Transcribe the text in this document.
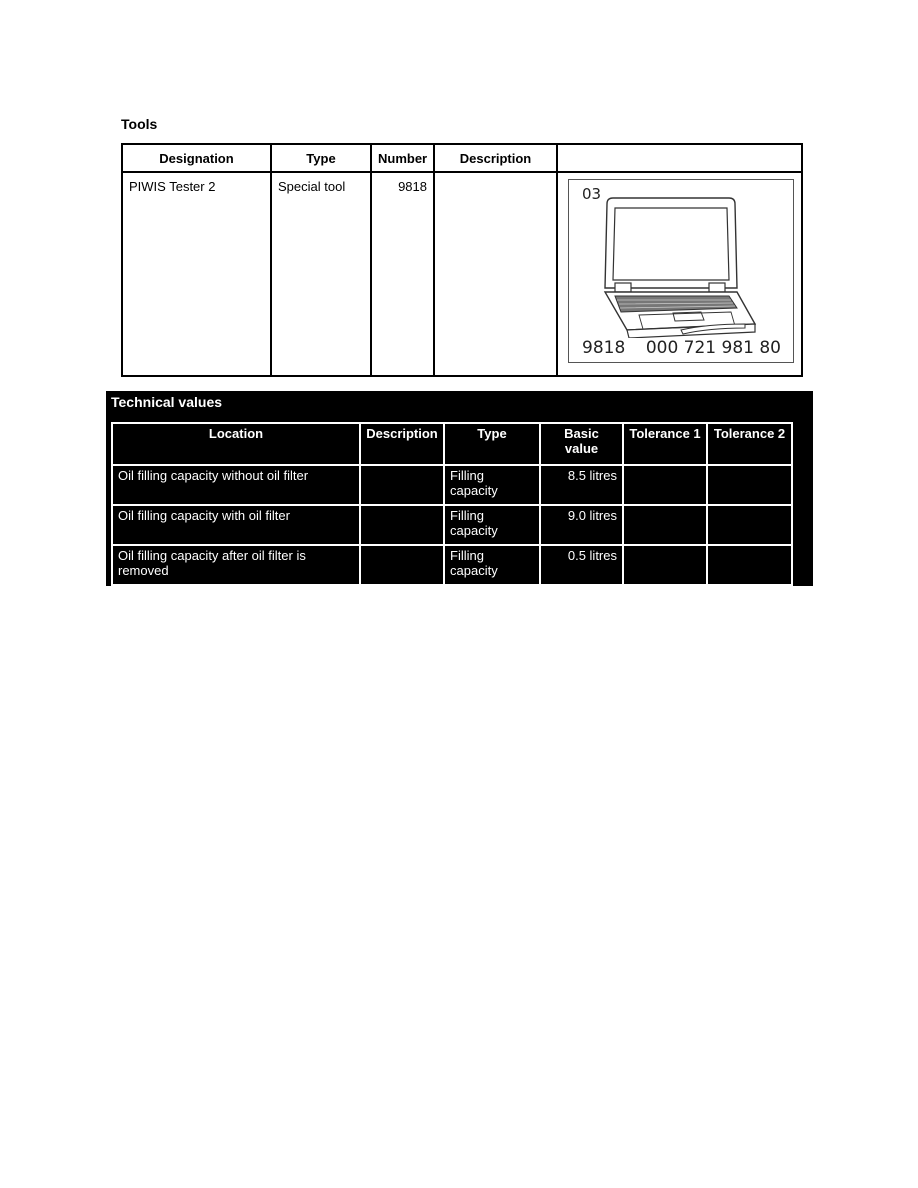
Tools
Designation	Type	Number	Description	
PIWIS Tester 2	Special tool	9818		03
9818 000 721 981 80
Technical values
Location	Description	Type	Basic value	Tolerance 1	Tolerance 2
Oil filling capacity without oil filter		Filling capacity	8.5 litres		
Oil filling capacity with oil filter		Filling capacity	9.0 litres		
Oil filling capacity after oil filter is removed		Filling capacity	0.5 litres		
